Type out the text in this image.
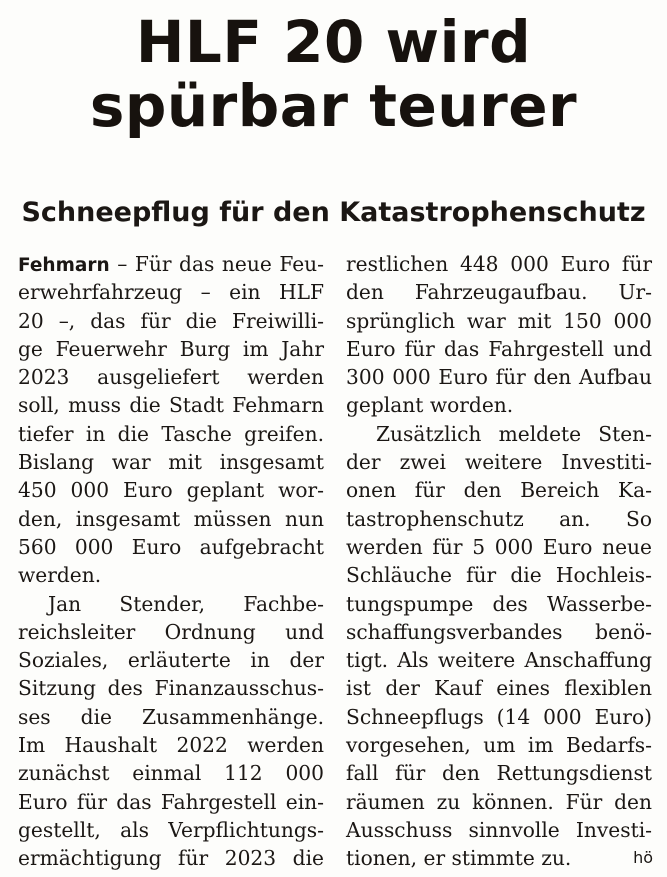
HLF 20 wird
spürbar teurer
Schneepflug für den Katastrophenschutz
Fehmarn – Für das neue Feu-
erwehrfahrzeug – ein HLF
20 –, das für die Freiwilli-
ge Feuerwehr Burg im Jahr
2023 ausgeliefert werden
soll, muss die Stadt Fehmarn
tiefer in die Tasche greifen.
Bislang war mit insgesamt
450 000 Euro geplant wor-
den, insgesamt müssen nun
560 000 Euro aufgebracht
werden.
Jan Stender, Fachbe-
reichsleiter Ordnung und
Soziales, erläuterte in der
Sitzung des Finanzausschus-
ses die Zusammenhänge.
Im Haushalt 2022 werden
zunächst einmal 112 000
Euro für das Fahrgestell ein-
gestellt, als Verpflichtungs-
ermächtigung für 2023 die
restlichen 448 000 Euro für
den Fahrzeugaufbau. Ur-
sprünglich war mit 150 000
Euro für das Fahrgestell und
300 000 Euro für den Aufbau
geplant worden.
Zusätzlich meldete Sten-
der zwei weitere Investiti-
onen für den Bereich Ka-
tastrophenschutz an. So
werden für 5 000 Euro neue
Schläuche für die Hochleis-
tungspumpe des Wasserbe-
schaffungsverbandes benö-
tigt. Als weitere Anschaffung
ist der Kauf eines flexiblen
Schneepflugs (14 000 Euro)
vorgesehen, um im Bedarfs-
fall für den Rettungsdienst
räumen zu können. Für den
Ausschuss sinnvolle Investi-
tionen, er stimmte zu.	hö
